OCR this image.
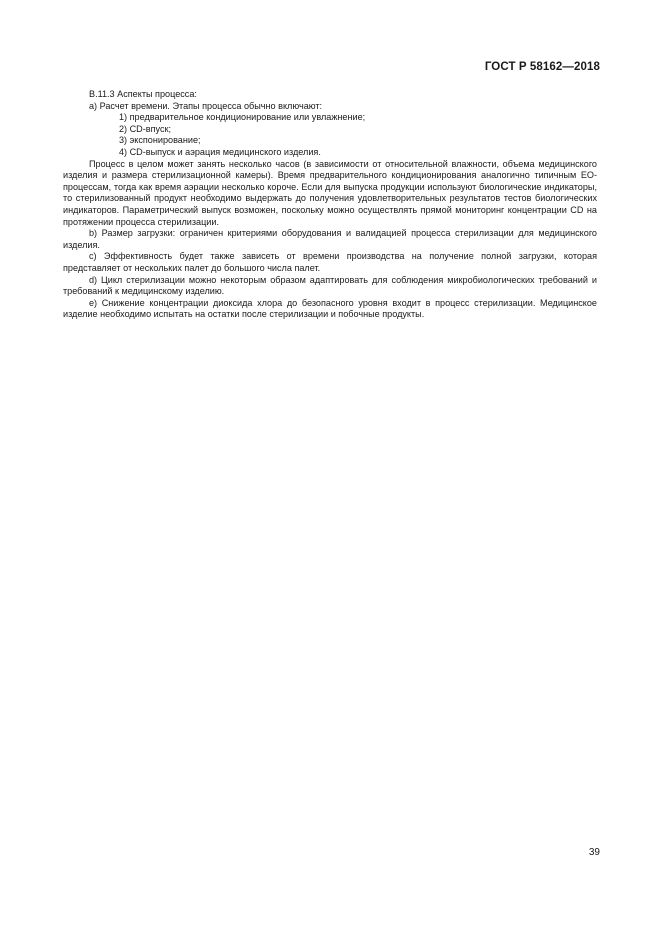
ГОСТ Р 58162—2018

B.11.3 Аспекты процесса:

a) Расчет времени. Этапы процесса обычно включают:

1) предварительное кондиционирование или увлажнение;

2) CD-впуск;

3) экспонирование;

4) CD-выпуск и аэрация медицинского изделия.

Процесс в целом может занять несколько часов (в зависимости от относительной влажности, объема медицинского изделия и размера стерилизационной камеры). Время предварительного кондиционирования аналогично типичным ЕО-процессам, тогда как время аэрации несколько короче. Если для выпуска продукции используют биологические индикаторы, то стерилизованный продукт необходимо выдержать до получения удовлетворительных результатов тестов биологических индикаторов. Параметрический выпуск возможен, поскольку можно осуществлять прямой мониторинг концентрации CD на протяжении процесса стерилизации.

b) Размер загрузки: ограничен критериями оборудования и валидацией процесса стерилизации для медицинского изделия.

c) Эффективность будет также зависеть от времени производства на получение полной загрузки, которая представляет от нескольких палет до большого числа палет.

d) Цикл стерилизации можно некоторым образом адаптировать для соблюдения микробиологических требований и требований к медицинскому изделию.

e) Снижение концентрации диоксида хлора до безопасного уровня входит в процесс стерилизации. Медицинское изделие необходимо испытать на остатки после стерилизации и побочные продукты.

39
